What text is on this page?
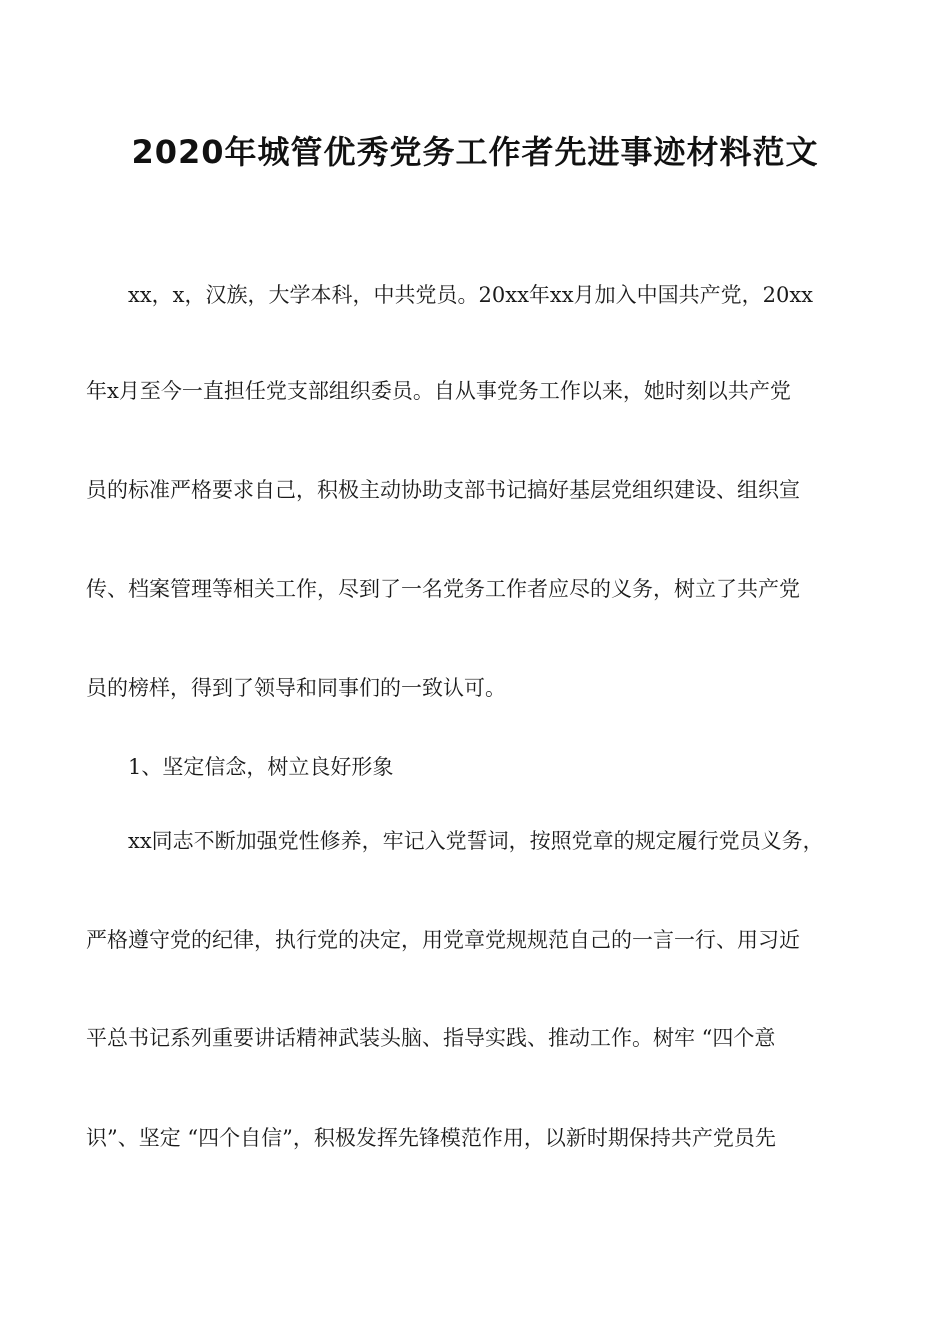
2020年城管优秀党务工作者先进事迹材料范文
xx，x，汉族，大学本科，中共党员。20xx年xx月加入中国共产党，20xx
年x月至今一直担任党支部组织委员。自从事党务工作以来，她时刻以共产党
员的标准严格要求自己，积极主动协助支部书记搞好基层党组织建设、组织宣
传、档案管理等相关工作，尽到了一名党务工作者应尽的义务，树立了共产党
员的榜样，得到了领导和同事们的一致认可。
1、坚定信念，树立良好形象
xx同志不断加强党性修养，牢记入党誓词，按照党章的规定履行党员义务，
严格遵守党的纪律，执行党的决定，用党章党规规范自己的一言一行、用习近
平总书记系列重要讲话精神武装头脑、指导实践、推动工作。树牢 “四个意
识”、坚定 “四个自信”，积极发挥先锋模范作用，以新时期保持共产党员先
